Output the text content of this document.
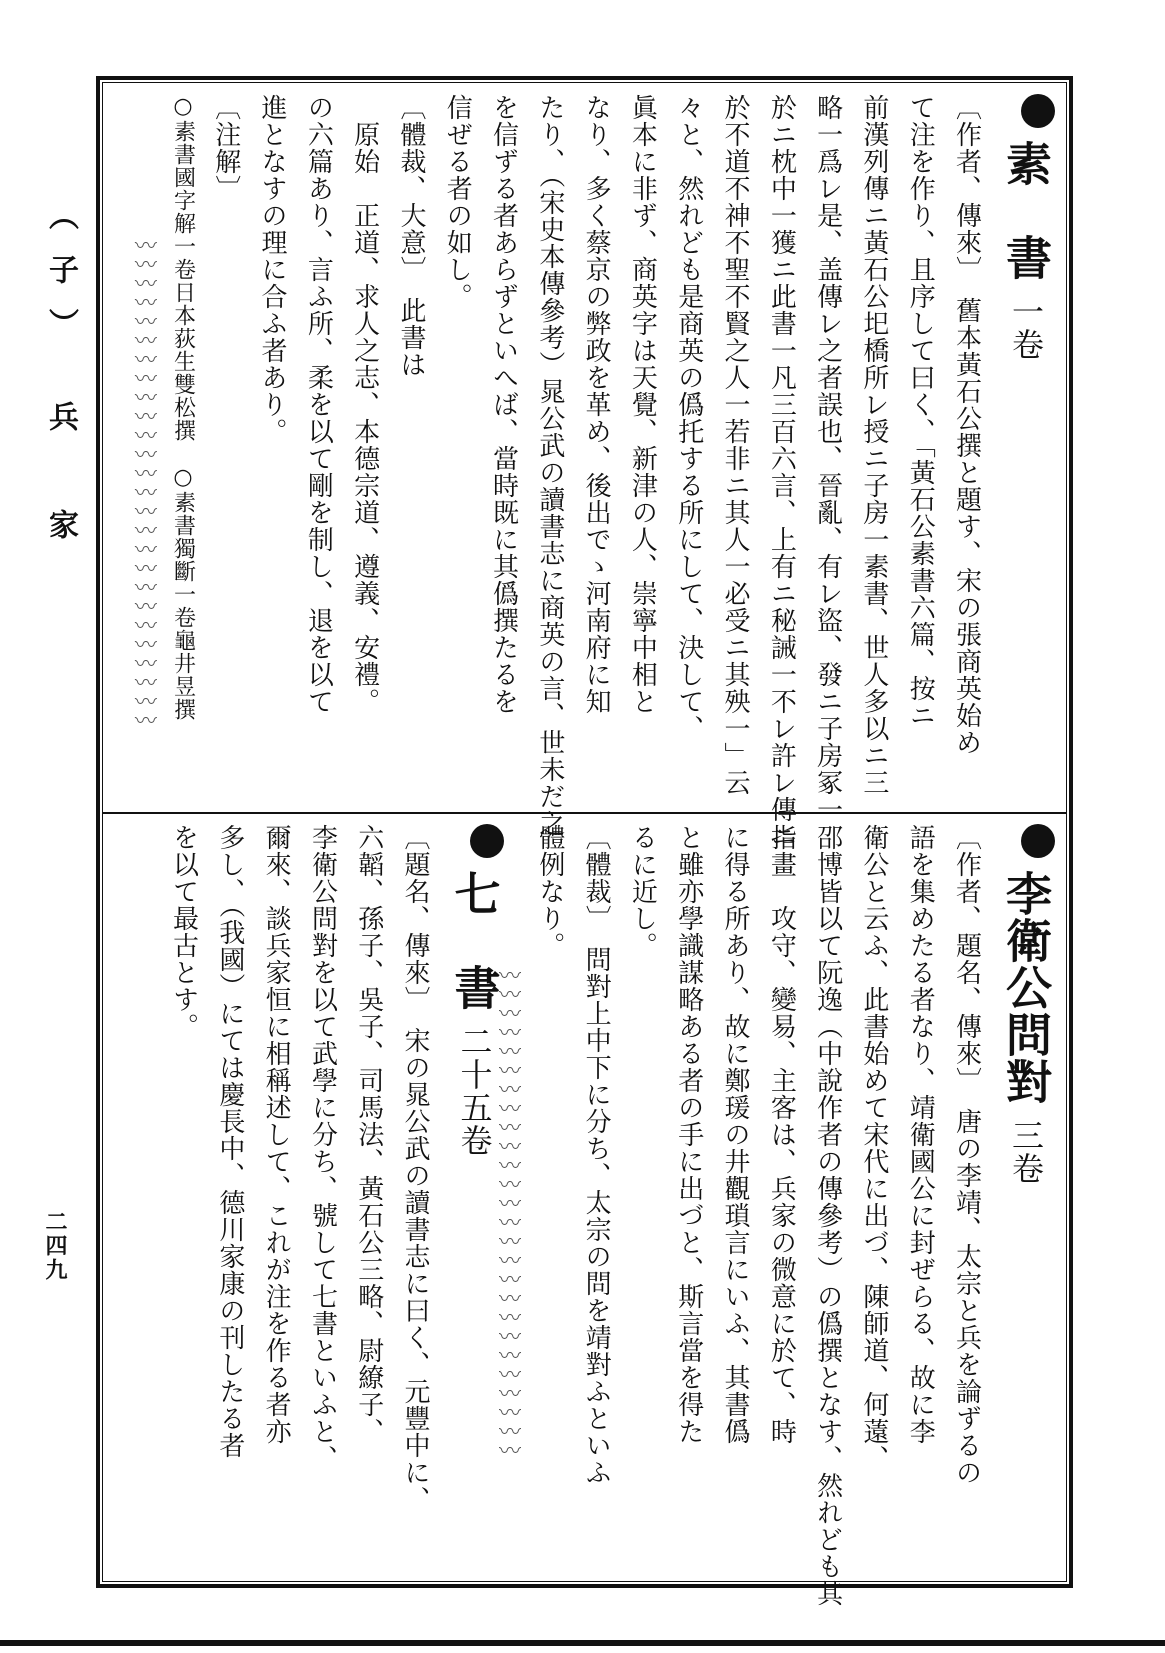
（子）　兵　家
二四九
素　書一卷
〔作者、傳來〕　舊本黃石公撰と題す、宋の張商英始め
て注を作り、且序して曰く、「黃石公素書六篇、按ニ
前漢列傳ニ黃石公圯橋所レ授ニ子房一素書、世人多以ニ三
略一爲レ是、盖傳レ之者誤也、晉亂、有レ盜、發ニ子房冢一
於ニ枕中一獲ニ此書一凡三百六言、上有ニ秘誡一不レ許レ傳ニ
於不道不神不聖不賢之人一若非ニ其人一必受ニ其殃一」云
々と、然れども是商英の僞托する所にして、決して、
眞本に非ず、商英字は天覺、新津の人、崇寧中相と
なり、多く蔡京の弊政を革め、後出でゝ河南府に知
たり、（宋史本傳參考）晁公武の讀書志に商英の言、世未だ之
を信ずる者あらずといへば、當時既に其僞撰たるを
信ぜる者の如し。
〔體裁、大意〕　此書は
　原始　正道、求人之志、本德宗道、遵義、安禮。
の六篇あり、言ふ所、柔を以て剛を制し、退を以て
進となすの理に合ふ者あり。
〔注解〕
○素書國字解一卷日本荻生雙松撰　○素書獨斷一卷龜井昱撰
〰〰〰〰〰〰〰〰〰〰〰〰〰〰〰〰〰〰〰〰〰〰〰〰〰〰
李衛公問對三卷
〔作者、題名、傳來〕　唐の李靖、太宗と兵を論ずるの
語を集めたる者なり、靖衛國公に封ぜらる、故に李
衛公と云ふ、此書始めて宋代に出づ、陳師道、何薳、
邵博皆以て阮逸（中說作者の傳參考）の僞撰となす、然れども其
指畫　攻守、變易、主客は、兵家の微意に於て、時
に得る所あり、故に鄭瑗の井觀瑣言にいふ、其書僞
と雖亦學識謀略ある者の手に出づと、斯言當を得た
るに近し。
〔體裁〕　問對上中下に分ち、太宗の問を靖對ふといふ
體例なり。
〰〰〰〰〰〰〰〰〰〰〰〰〰〰〰〰〰〰〰〰〰〰〰〰〰〰
七　書二十五卷
〔題名、傳來〕　宋の晁公武の讀書志に曰く、元豐中に、
六韜、孫子、吳子、司馬法、黃石公三略、尉繚子、
李衛公問對を以て武學に分ち、號して七書といふと、
爾來、談兵家恒に相稱述して、これが注を作る者亦
多し、（我國）にては慶長中、德川家康の刊したる者
を以て最古とす。
